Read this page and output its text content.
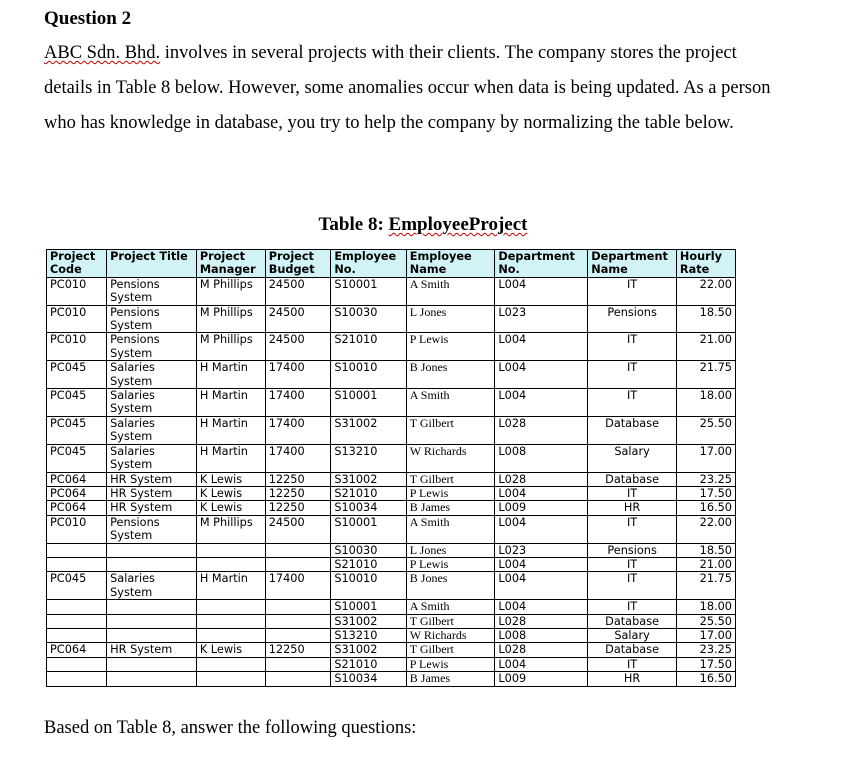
Question 2

ABC Sdn. Bhd. involves in several projects with their clients. The company stores the project details in Table 8 below. However, some anomalies occur when data is being updated. As a person who has knowledge in database, you try to help the company by normalizing the table below.

Table 8: EmployeeProject
Project Code	Project Title	Project Manager	Project Budget	Employee No.	Employee Name	Department No.	Department Name	Hourly Rate
PC010	Pensions System	M Phillips	24500	S10001	A Smith	L004	IT	22.00
PC010	Pensions System	M Phillips	24500	S10030	L Jones	L023	Pensions	18.50
PC010	Pensions System	M Phillips	24500	S21010	P Lewis	L004	IT	21.00
PC045	Salaries System	H Martin	17400	S10010	B Jones	L004	IT	21.75
PC045	Salaries System	H Martin	17400	S10001	A Smith	L004	IT	18.00
PC045	Salaries System	H Martin	17400	S31002	T Gilbert	L028	Database	25.50
PC045	Salaries System	H Martin	17400	S13210	W Richards	L008	Salary	17.00
PC064	HR System	K Lewis	12250	S31002	T Gilbert	L028	Database	23.25
PC064	HR System	K Lewis	12250	S21010	P Lewis	L004	IT	17.50
PC064	HR System	K Lewis	12250	S10034	B James	L009	HR	16.50
PC010	Pensions System	M Phillips	24500	S10001	A Smith	L004	IT	22.00
				S10030	L Jones	L023	Pensions	18.50
				S21010	P Lewis	L004	IT	21.00
PC045	Salaries System	H Martin	17400	S10010	B Jones	L004	IT	21.75
				S10001	A Smith	L004	IT	18.00
				S31002	T Gilbert	L028	Database	25.50
				S13210	W Richards	L008	Salary	17.00
PC064	HR System	K Lewis	12250	S31002	T Gilbert	L028	Database	23.25
				S21010	P Lewis	L004	IT	17.50
				S10034	B James	L009	HR	16.50
Based on Table 8, answer the following questions:
